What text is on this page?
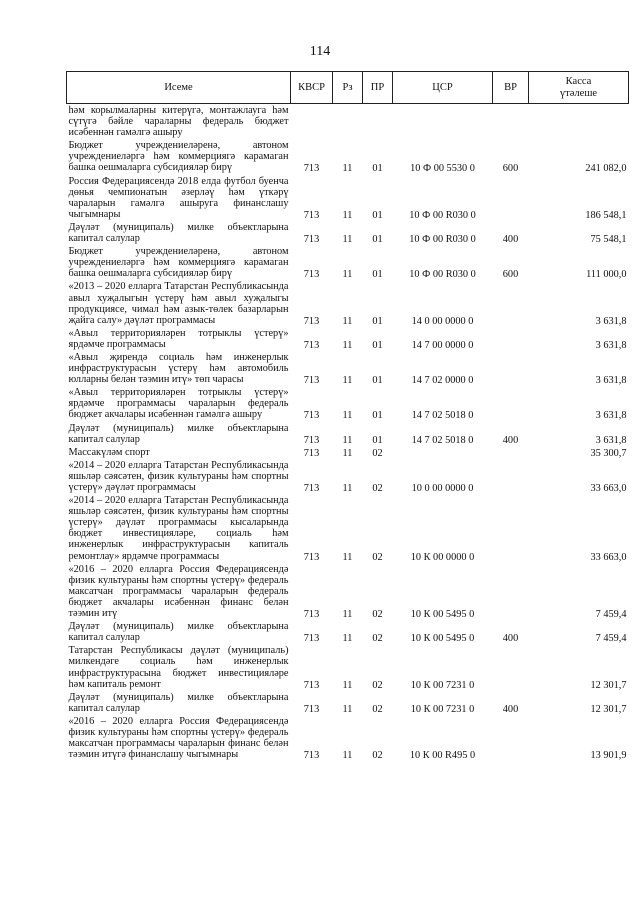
114
Исеме	КВСР	Рз	ПР	ЦСР	ВР	Касса
үтәлеше

һәм корылмаларны китерүгә, монтажлауга һәм сүтүгә бәйле чараларны федераль бюджет исәбеннән гамәлгә ашыру						
Бюджет учреждениеләренә, автоном учреждениеләргә һәм коммерциягә карамаган башка оешмаларга субсидияләр бирү	713	11	01	10 Ф 00 5530 0	600	241 082,0
Россия Федерациясендә 2018 елда футбол буенча дөнья чемпионатын әзерләү һәм үткәрү чараларын гамәлгә ашыруга финанслашу чыгымнары	713	11	01	10 Ф 00 R030 0		186 548,1
Дәүләт (муниципаль) милке объектларына капитал салулар	713	11	01	10 Ф 00 R030 0	400	75 548,1
Бюджет учреждениеләренә, автоном учреждениеләргә һәм коммерциягә карамаган башка оешмаларга субсидияләр бирү	713	11	01	10 Ф 00 R030 0	600	111 000,0
«2013 – 2020 елларга Татарстан Республикасында авыл хуҗалыгын үстерү һәм авыл хуҗалыгы продукциясе, чимал һәм азык-төлек базарларын җайга салу» дәүләт программасы	713	11	01	14 0 00 0000 0		3 631,8
«Авыл территорияләрен тотрыклы үстерү» ярдәмче программасы	713	11	01	14 7 00 0000 0		3 631,8
«Авыл җирендә социаль һәм инженерлык инфраструктурасын үстерү һәм автомобиль юлларны белән тәэмин итү» төп чарасы	713	11	01	14 7 02 0000 0		3 631,8
«Авыл территорияләрен тотрыклы үстерү» ярдәмче программасы чараларын федераль бюджет акчалары исәбеннән гамәлгә ашыру	713	11	01	14 7 02 5018 0		3 631,8
Дәүләт (муниципаль) милке объектларына капитал салулар	713	11	01	14 7 02 5018 0	400	3 631,8
Массакүләм спорт	713	11	02			35 300,7
«2014 – 2020 елларга Татарстан Республикасында яшьләр сәясәтен, физик культураны һәм спортны үстерү» дәүләт программасы	713	11	02	10 0 00 0000 0		33 663,0
«2014 – 2020 елларга Татарстан Республикасында яшьләр сәясәтен, физик культураны һәм спортны үстерү» дәүләт программасы кысаларында бюджет инвестицияләре, социаль һәм инженерлык инфраструктурасын капиталь ремонтлау» ярдәмче программасы	713	11	02	10 К 00 0000 0		33 663,0
«2016 – 2020 елларга Россия Федерациясендә физик культураны һәм спортны үстерү» федераль максатчан программасы чараларын федераль бюджет акчалары исәбеннән финанс белән тәэмин итү	713	11	02	10 К 00 5495 0		7 459,4
Дәүләт (муниципаль) милке объектларына капитал салулар	713	11	02	10 К 00 5495 0	400	7 459,4
Татарстан Республикасы дәүләт (муниципаль) милкендәге социаль һәм инженерлык инфраструктурасына бюджет инвестицияләре һәм капиталь ремонт	713	11	02	10 К 00 7231 0		12 301,7
Дәүләт (муниципаль) милке объектларына капитал салулар	713	11	02	10 К 00 7231 0	400	12 301,7
«2016 – 2020 елларга Россия Федерациясендә физик культураны һәм спортны үстерү» федераль максатчан программасы чараларын финанс белән тәэмин итүгә финанслашу чыгымнары	713	11	02	10 К 00 R495 0		13 901,9
